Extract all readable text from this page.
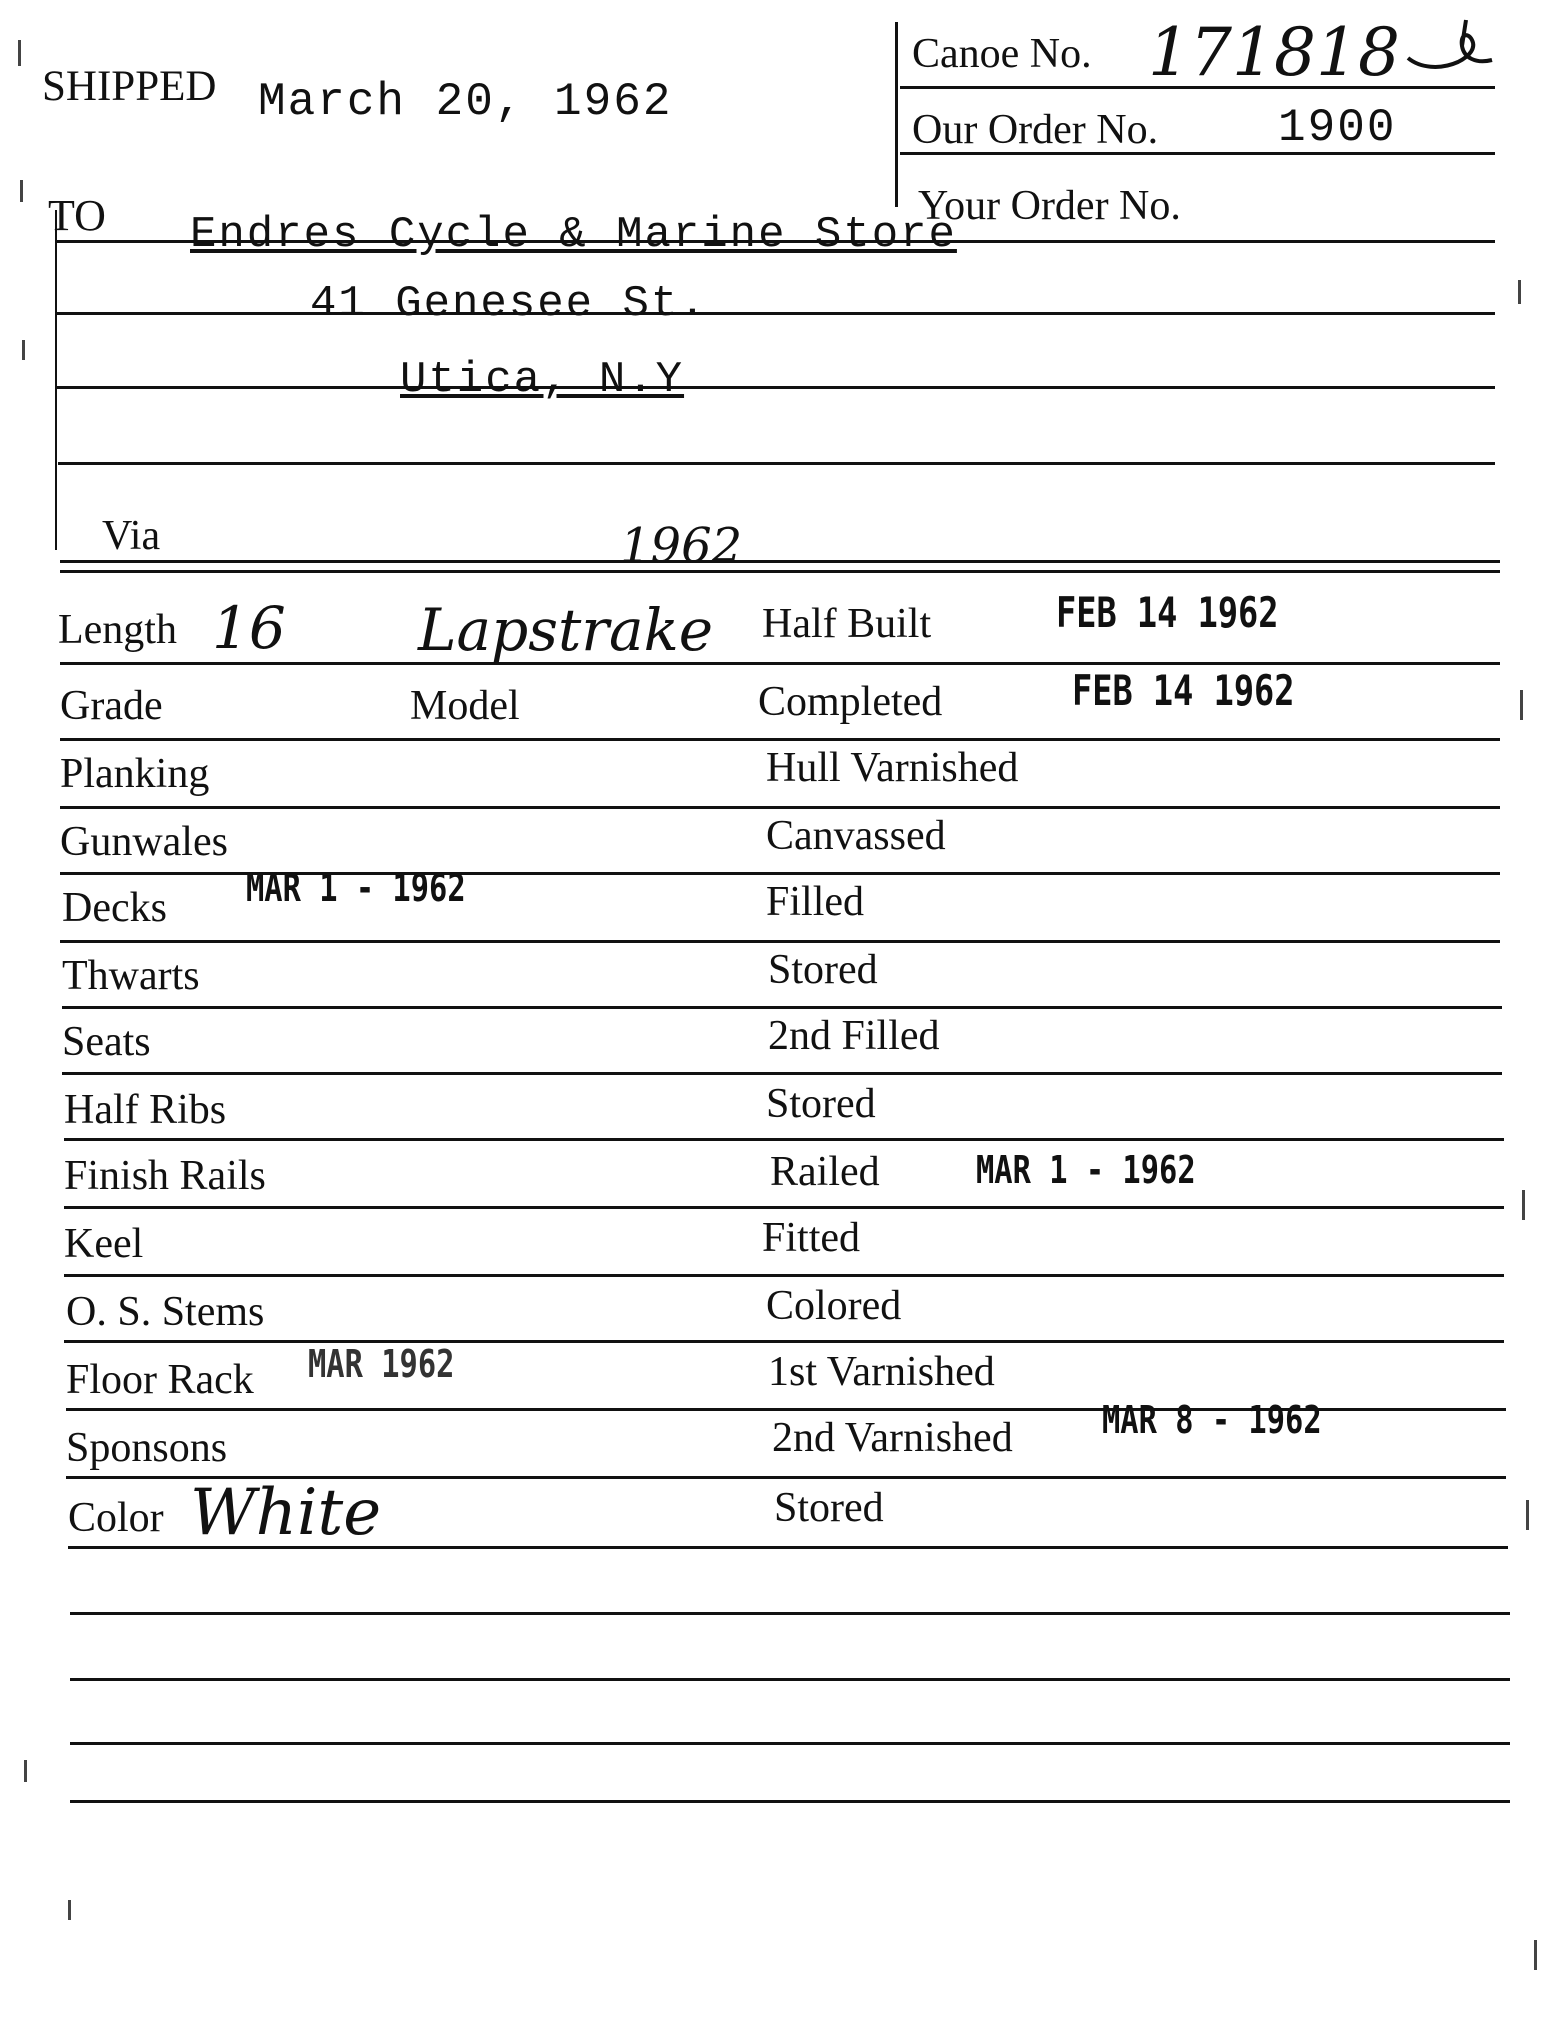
SHIPPED March 20, 1962
TO
Canoe No. 171818
Our Order No.	1900
Your Order No.
Endres Cycle & Marine Store
41 Genesee St.
Utica, N.Y
Via	1962
Length
Grade
Planking
Gunwales
Decks
Thwarts
Seats
Half Ribs
Finish Rails
Keel
O. S. Stems
Floor Rack
Sponsons
Color
16
MAR 1 - 1962
MAR 1962
White
Model
Lapstrake Half Built
Completed
Hull Varnished
Canvassed
Filled
Stored
2nd Filled
Stored
Railed
Fitted
Colored
1st Varnished
2nd Varnished
Stored
FEB 14 1962
FEB 14 1962
MAR 1 - 1962
MAR 8 - 1962
